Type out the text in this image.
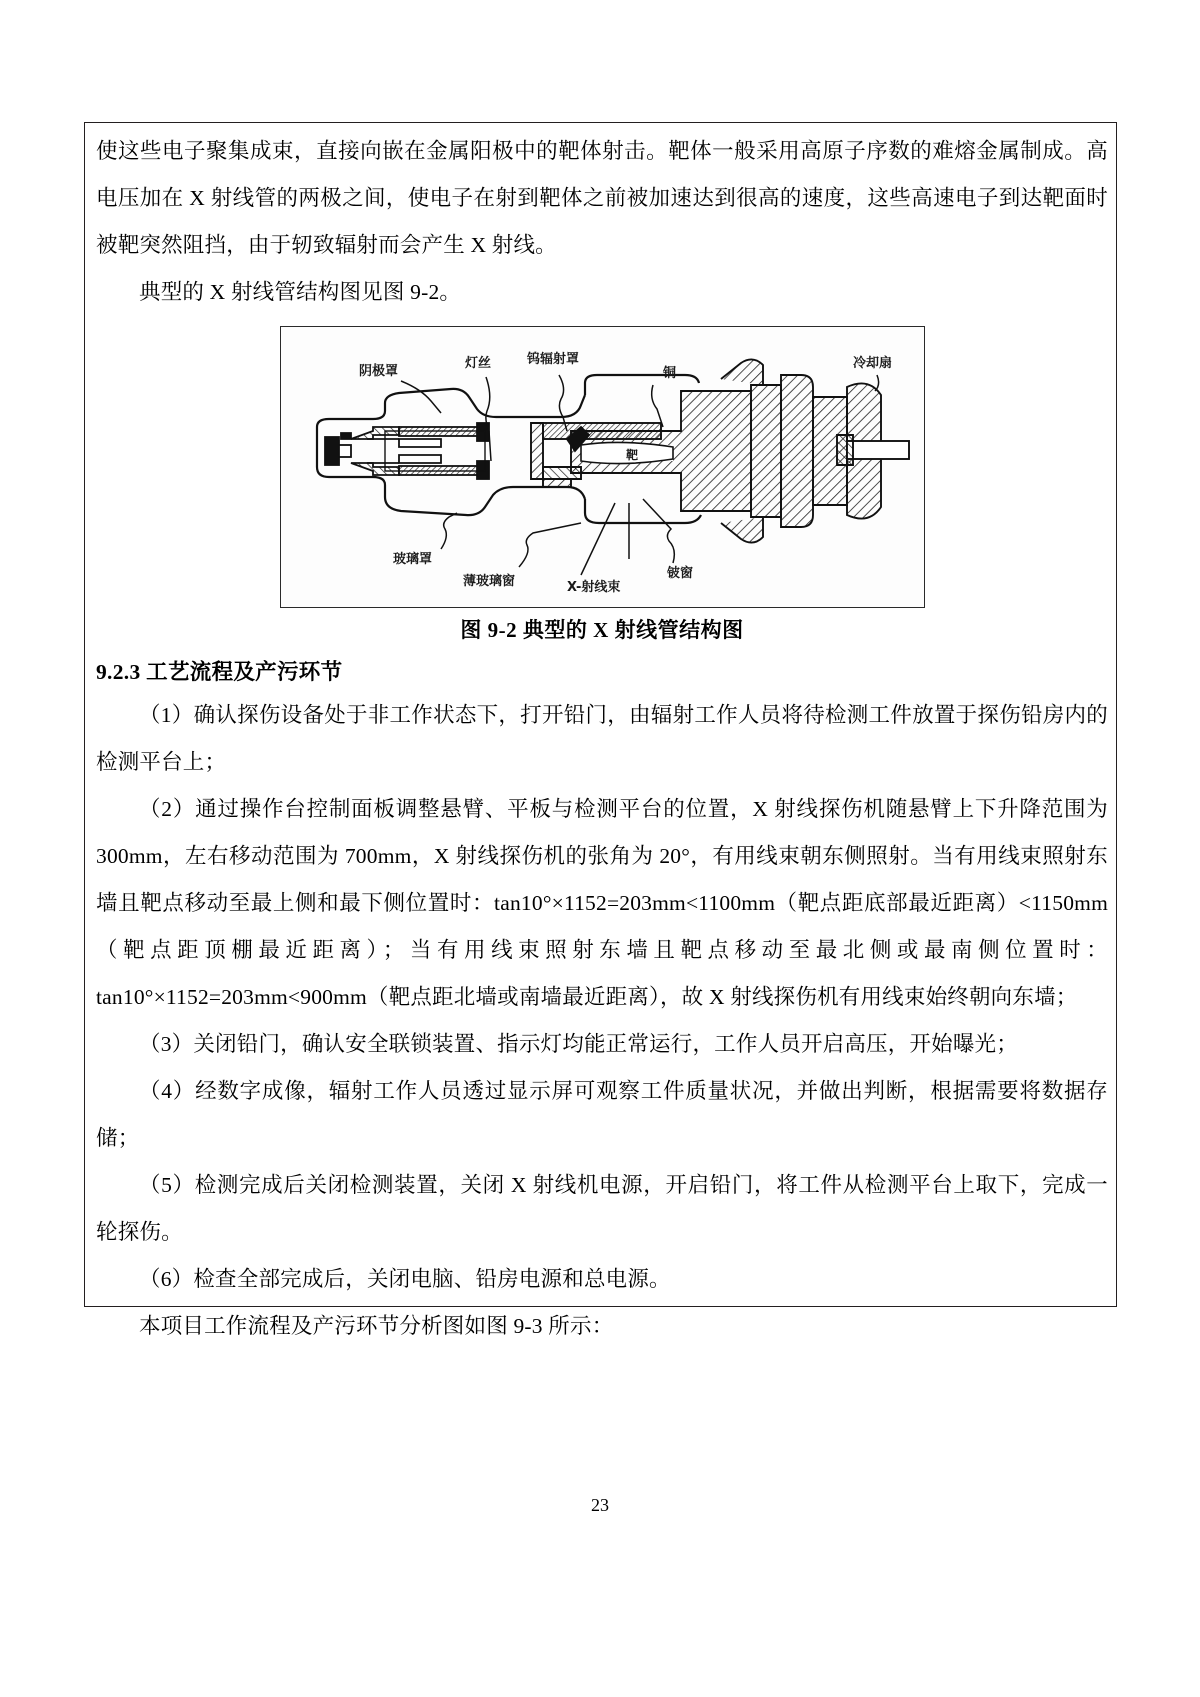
使这些电子聚集成束，直接向嵌在金属阳极中的靶体射击。靶体一般采用高原子序数的难熔金属制成。高电压加在 X 射线管的两极之间，使电子在射到靶体之前被加速达到很高的速度，这些高速电子到达靶面时被靶突然阻挡，由于轫致辐射而会产生 X 射线。

典型的 X 射线管结构图见图 9-2。

靶
阴极罩
灯丝	钨辐射罩
铜
冷却扇
玻璃罩
薄玻璃窗	X-射线束
铍窗
图 9-2 典型的 X 射线管结构图
9.2.3 工艺流程及产污环节

（1）确认探伤设备处于非工作状态下，打开铅门，由辐射工作人员将待检测工件放置于探伤铅房内的检测平台上；

（2）通过操作台控制面板调整悬臂、平板与检测平台的位置，X 射线探伤机随悬臂上下升降范围为 300mm，左右移动范围为 700mm，X 射线探伤机的张角为 20°，有用线束朝东侧照射。当有用线束照射东墙且靶点移动至最上侧和最下侧位置时：tan10°×1152=203mm<1100mm（靶点距底部最近距离）<1150mm（靶点距顶棚最近距离）；当有用线束照射东墙且靶点移动至最北侧或最南侧位置时：tan10°×1152=203mm<900mm（靶点距北墙或南墙最近距离），故 X 射线探伤机有用线束始终朝向东墙；

（3）关闭铅门，确认安全联锁装置、指示灯均能正常运行，工作人员开启高压，开始曝光；

（4）经数字成像，辐射工作人员透过显示屏可观察工件质量状况，并做出判断，根据需要将数据存储；

（5）检测完成后关闭检测装置，关闭 X 射线机电源，开启铅门，将工件从检测平台上取下，完成一轮探伤。

（6）检查全部完成后，关闭电脑、铅房电源和总电源。

本项目工作流程及产污环节分析图如图 9-3 所示：

23
